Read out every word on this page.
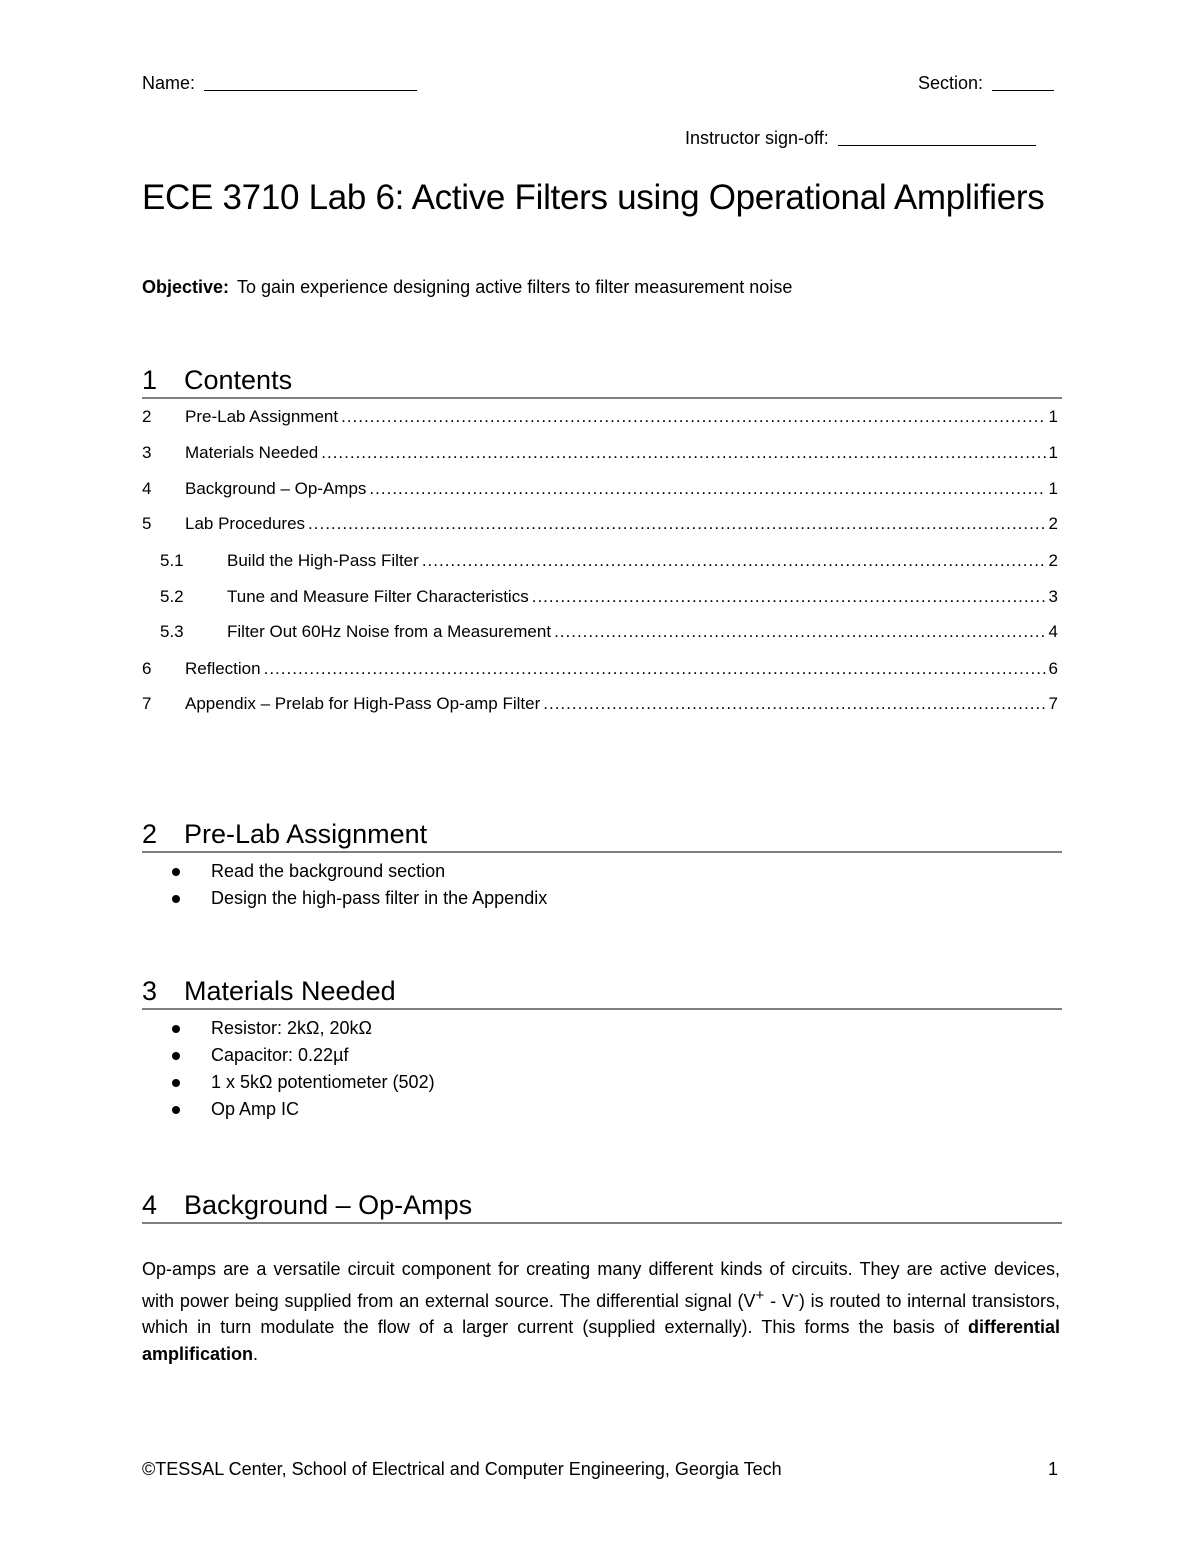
Name:	Section:
Instructor sign-off:
ECE 3710 Lab 6: Active Filters using Operational Amplifiers
Objective: To gain experience designing active filters to filter measurement noise
1 Contents
2	Pre-Lab Assignment .....	1
3	Materials Needed .....	1
4	Background – Op-Amps .....	1
5	Lab Procedures .....	2
5.1	Build the High-Pass Filter .....	2
5.2	Tune and Measure Filter Characteristics .....	3
5.3	Filter Out 60Hz Noise from a Measurement .....	4
6	Reflection .....	6
7	Appendix – Prelab for High-Pass Op-amp Filter .....	7
2 Pre-Lab Assignment
Read the background section
Design the high-pass filter in the Appendix
3 Materials Needed
Resistor: 2kΩ, 20kΩ
Capacitor: 0.22µf
1 x 5kΩ potentiometer (502)
Op Amp IC
4 Background – Op-Amps
Op-amps are a versatile circuit component for creating many different kinds of circuits. They are active devices, with power being supplied from an external source. The differential signal (V+ - V-) is routed to internal transistors, which in turn modulate the flow of a larger current (supplied externally). This forms the basis of differential amplification.
©TESSAL Center, School of Electrical and Computer Engineering, Georgia Tech	1
